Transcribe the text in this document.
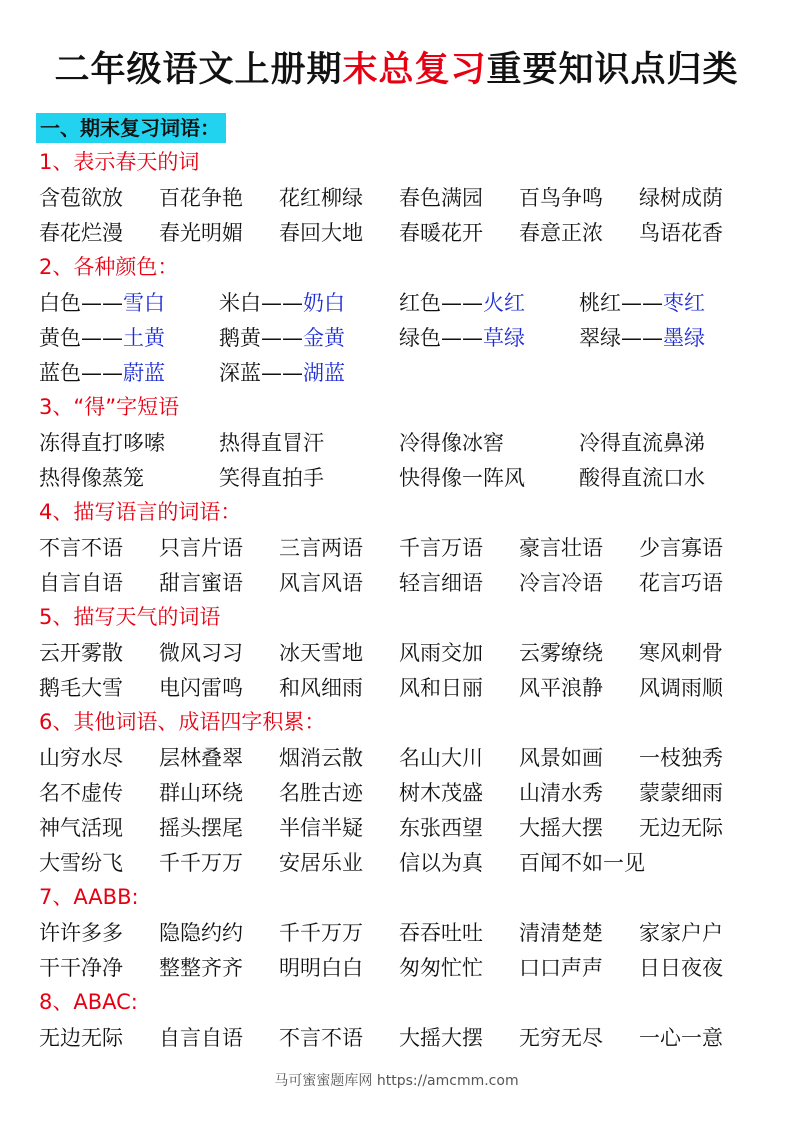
二年级语文上册期末总复习重要知识点归类
一、期末复习词语：
1、表示春天的词
含苞欲放 百花争艳 花红柳绿 春色满园 百鸟争鸣 绿树成荫
春花烂漫 春光明媚 春回大地 春暖花开 春意正浓 鸟语花香
2、各种颜色：
白色——雪白	米白——奶白	红色——火红	桃红——枣红
黄色——土黄	鹅黄——金黄	绿色——草绿	翠绿——墨绿
蓝色——蔚蓝	深蓝——湖蓝
3、“得”字短语
冻得直打哆嗦	热得直冒汗	冷得像冰窖	冷得直流鼻涕
热得像蒸笼	笑得直拍手	快得像一阵风	酸得直流口水
4、描写语言的词语：
不言不语 只言片语 三言两语 千言万语 豪言壮语 少言寡语
自言自语 甜言蜜语 风言风语 轻言细语 冷言冷语 花言巧语
5、描写天气的词语
云开雾散 微风习习 冰天雪地 风雨交加 云雾缭绕 寒风刺骨
鹅毛大雪 电闪雷鸣 和风细雨 风和日丽 风平浪静 风调雨顺
6、其他词语、成语四字积累：
山穷水尽 层林叠翠 烟消云散 名山大川 风景如画 一枝独秀
名不虚传 群山环绕 名胜古迹 树木茂盛 山清水秀 蒙蒙细雨
神气活现 摇头摆尾 半信半疑 东张西望 大摇大摆 无边无际
大雪纷飞 千千万万 安居乐业 信以为真 百闻不如一见
7、AABB:
许许多多 隐隐约约 千千万万 吞吞吐吐 清清楚楚 家家户户
干干净净 整整齐齐 明明白白 匆匆忙忙 口口声声 日日夜夜
8、ABAC:
无边无际 自言自语 不言不语 大摇大摆 无穷无尽 一心一意
马可蜜蜜题库网 https://amcmm.com
